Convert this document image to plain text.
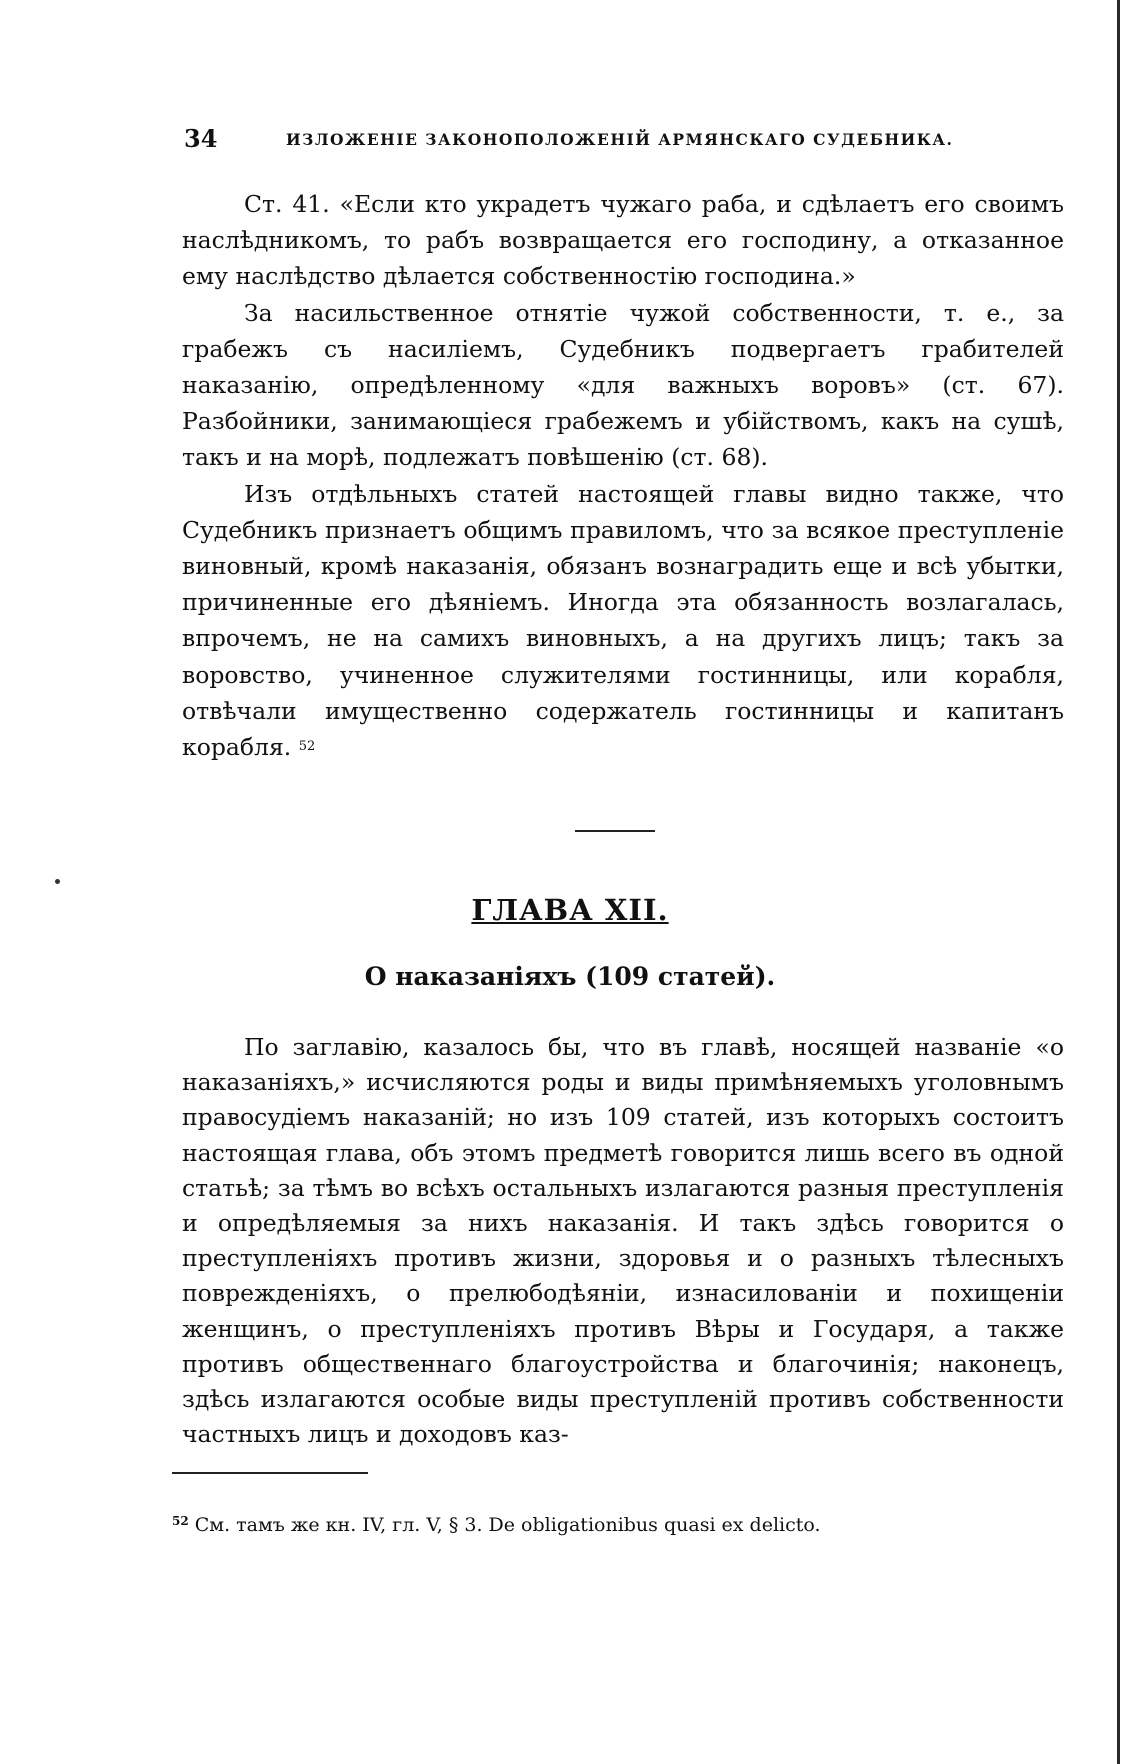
34	ИЗЛОЖЕНІЕ ЗАКОНОПОЛОЖЕНІЙ АРМЯНСКАГО СУДЕБНИКА.

Ст. 41. «Если кто украдетъ чужаго раба, и сдѣлаетъ его своимъ наслѣдникомъ, то рабъ возвращается его господину, а отказанное ему наслѣдство дѣлается собственностію господина.»

За насильственное отнятіе чужой собственности, т. е., за грабежъ съ насиліемъ, Судебникъ подвергаетъ грабителей наказанію, опредѣленному «для важныхъ воровъ» (ст. 67). Разбойники, занимающіеся грабежемъ и убійствомъ, какъ на сушѣ, такъ и на морѣ, подлежатъ повѣшенію (ст. 68).

Изъ отдѣльныхъ статей настоящей главы видно также, что Судебникъ признаетъ общимъ правиломъ, что за всякое преступленіе виновный, кромѣ наказанія, обязанъ вознаградить еще и всѣ убытки, причиненные его дѣяніемъ. Иногда эта обязанность возлагалась, впрочемъ, не на самихъ виновныхъ, а на другихъ лицъ; такъ за воровство, учиненное служителями гостинницы, или корабля, отвѣчали имущественно содержатель гостинницы и капитанъ корабля. $^{52}$

ГЛАВА XII.
О наказаніяхъ (109 статей).

По заглавію, казалось бы, что въ главѣ, носящей названіе «о наказаніяхъ,» исчисляются роды и виды примѣняемыхъ уголовнымъ правосудіемъ наказаній; но изъ 109 статей, изъ которыхъ состоитъ настоящая глава, объ этомъ предметѣ говорится лишь всего въ одной статьѣ; за тѣмъ во всѣхъ остальныхъ излагаются разныя преступленія и опредѣляемыя за нихъ наказанія. И такъ здѣсь говорится о преступленіяхъ противъ жизни, здоровья и о разныхъ тѣлесныхъ поврежденіяхъ, о прелюбодѣяніи, изнасилованіи и похищеніи женщинъ, о преступленіяхъ противъ Вѣры и Государя, а также противъ общественнаго благоустройства и благочинія; наконецъ, здѣсь излагаются особые виды преступленій противъ собственности частныхъ лицъ и доходовъ каз-

$^{52}$ См. тамъ же кн. IV, гл. V, § 3. De obligationibus quasi ex delicto.
